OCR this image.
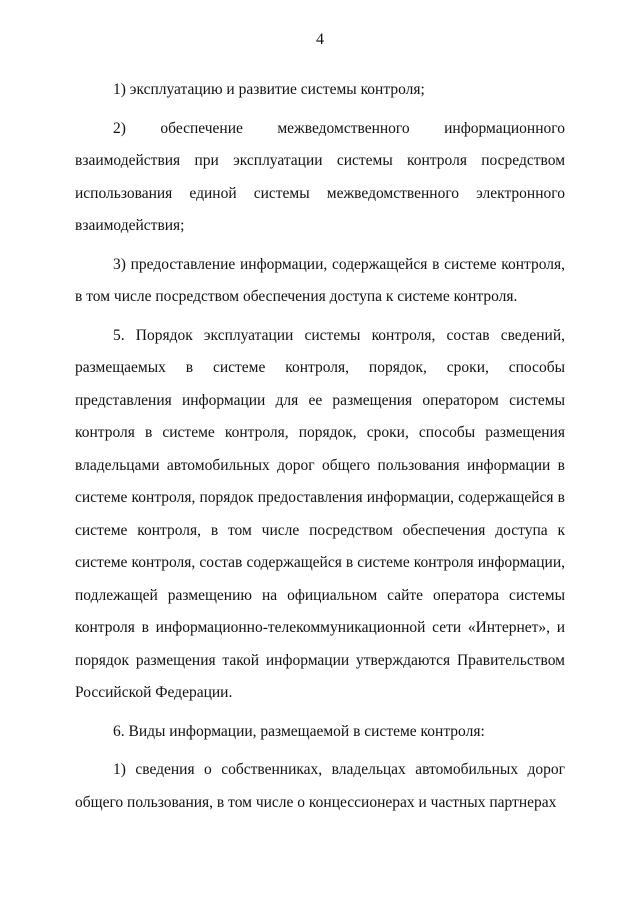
4

1) эксплуатацию и развитие системы контроля;

2) обеспечение межведомственного информационного взаимодействия при эксплуатации системы контроля посредством использования единой системы межведомственного электронного взаимодействия;

3) предоставление информации, содержащейся в системе контроля, в том числе посредством обеспечения доступа к системе контроля.

5. Порядок эксплуатации системы контроля, состав сведений, размещаемых в системе контроля, порядок, сроки, способы представления информации для ее размещения оператором системы контроля в системе контроля, порядок, сроки, способы размещения владельцами автомобильных дорог общего пользования информации в системе контроля, порядок предоставления информации, содержащейся в системе контроля, в том числе посредством обеспечения доступа к системе контроля, состав содержащейся в системе контроля информации, подлежащей размещению на официальном сайте оператора системы контроля в информационно-телекоммуникационной сети «Интернет», и порядок размещения такой информации утверждаются Правительством Российской Федерации.

6. Виды информации, размещаемой в системе контроля:

1) сведения о собственниках, владельцах автомобильных дорог общего пользования, в том числе о концессионерах и частных партнерах
